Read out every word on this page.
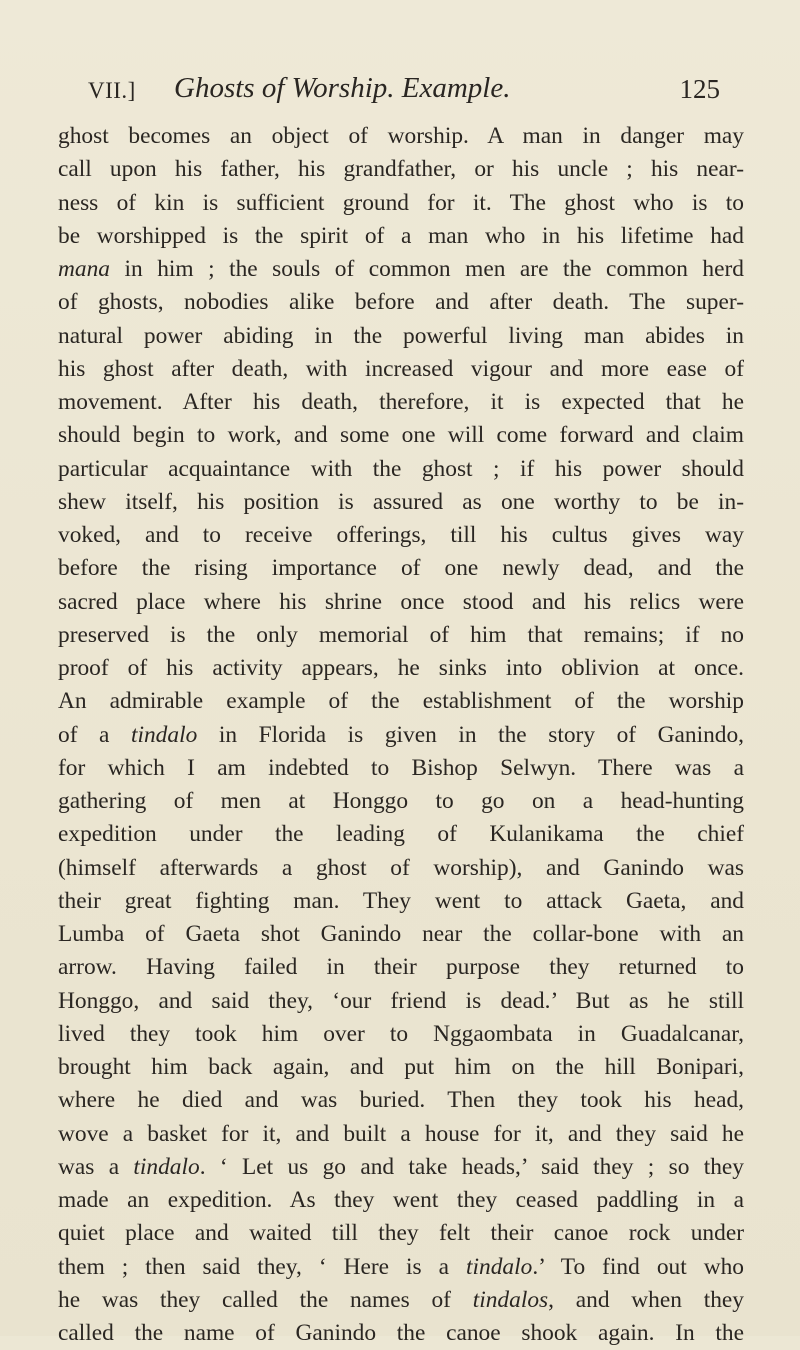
VII.] Ghosts of Worship. Example.	125
ghost becomes an object of worship. A man in danger may
call upon his father, his grandfather, or his uncle ; his near-
ness of kin is sufficient ground for it. The ghost who is to
be worshipped is the spirit of a man who in his lifetime had
mana in him ; the souls of common men are the common herd
of ghosts, nobodies alike before and after death. The super-
natural power abiding in the powerful living man abides in
his ghost after death, with increased vigour and more ease of
movement. After his death, therefore, it is expected that he
should begin to work, and some one will come forward and claim
particular acquaintance with the ghost ; if his power should
shew itself, his position is assured as one worthy to be in-
voked, and to receive offerings, till his cultus gives way
before the rising importance of one newly dead, and the
sacred place where his shrine once stood and his relics were
preserved is the only memorial of him that remains; if no
proof of his activity appears, he sinks into oblivion at once.
An admirable example of the establishment of the worship
of a tindalo in Florida is given in the story of Ganindo,
for which I am indebted to Bishop Selwyn. There was a
gathering of men at Honggo to go on a head-hunting
expedition under the leading of Kulanikama the chief
(himself afterwards a ghost of worship), and Ganindo was
their great fighting man. They went to attack Gaeta, and
Lumba of Gaeta shot Ganindo near the collar-bone with an
arrow. Having failed in their purpose they returned to
Honggo, and said they, ‘our friend is dead.’ But as he still
lived they took him over to Nggaombata in Guadalcanar,
brought him back again, and put him on the hill Bonipari,
where he died and was buried. Then they took his head,
wove a basket for it, and built a house for it, and they said he
was a tindalo. ‘ Let us go and take heads,’ said they ; so they
made an expedition. As they went they ceased paddling in a
quiet place and waited till they felt their canoe rock under
them ; then said they, ‘ Here is a tindalo.’ To find out who
he was they called the names of tindalos, and when they
called the name of Ganindo the canoe shook again. In the
